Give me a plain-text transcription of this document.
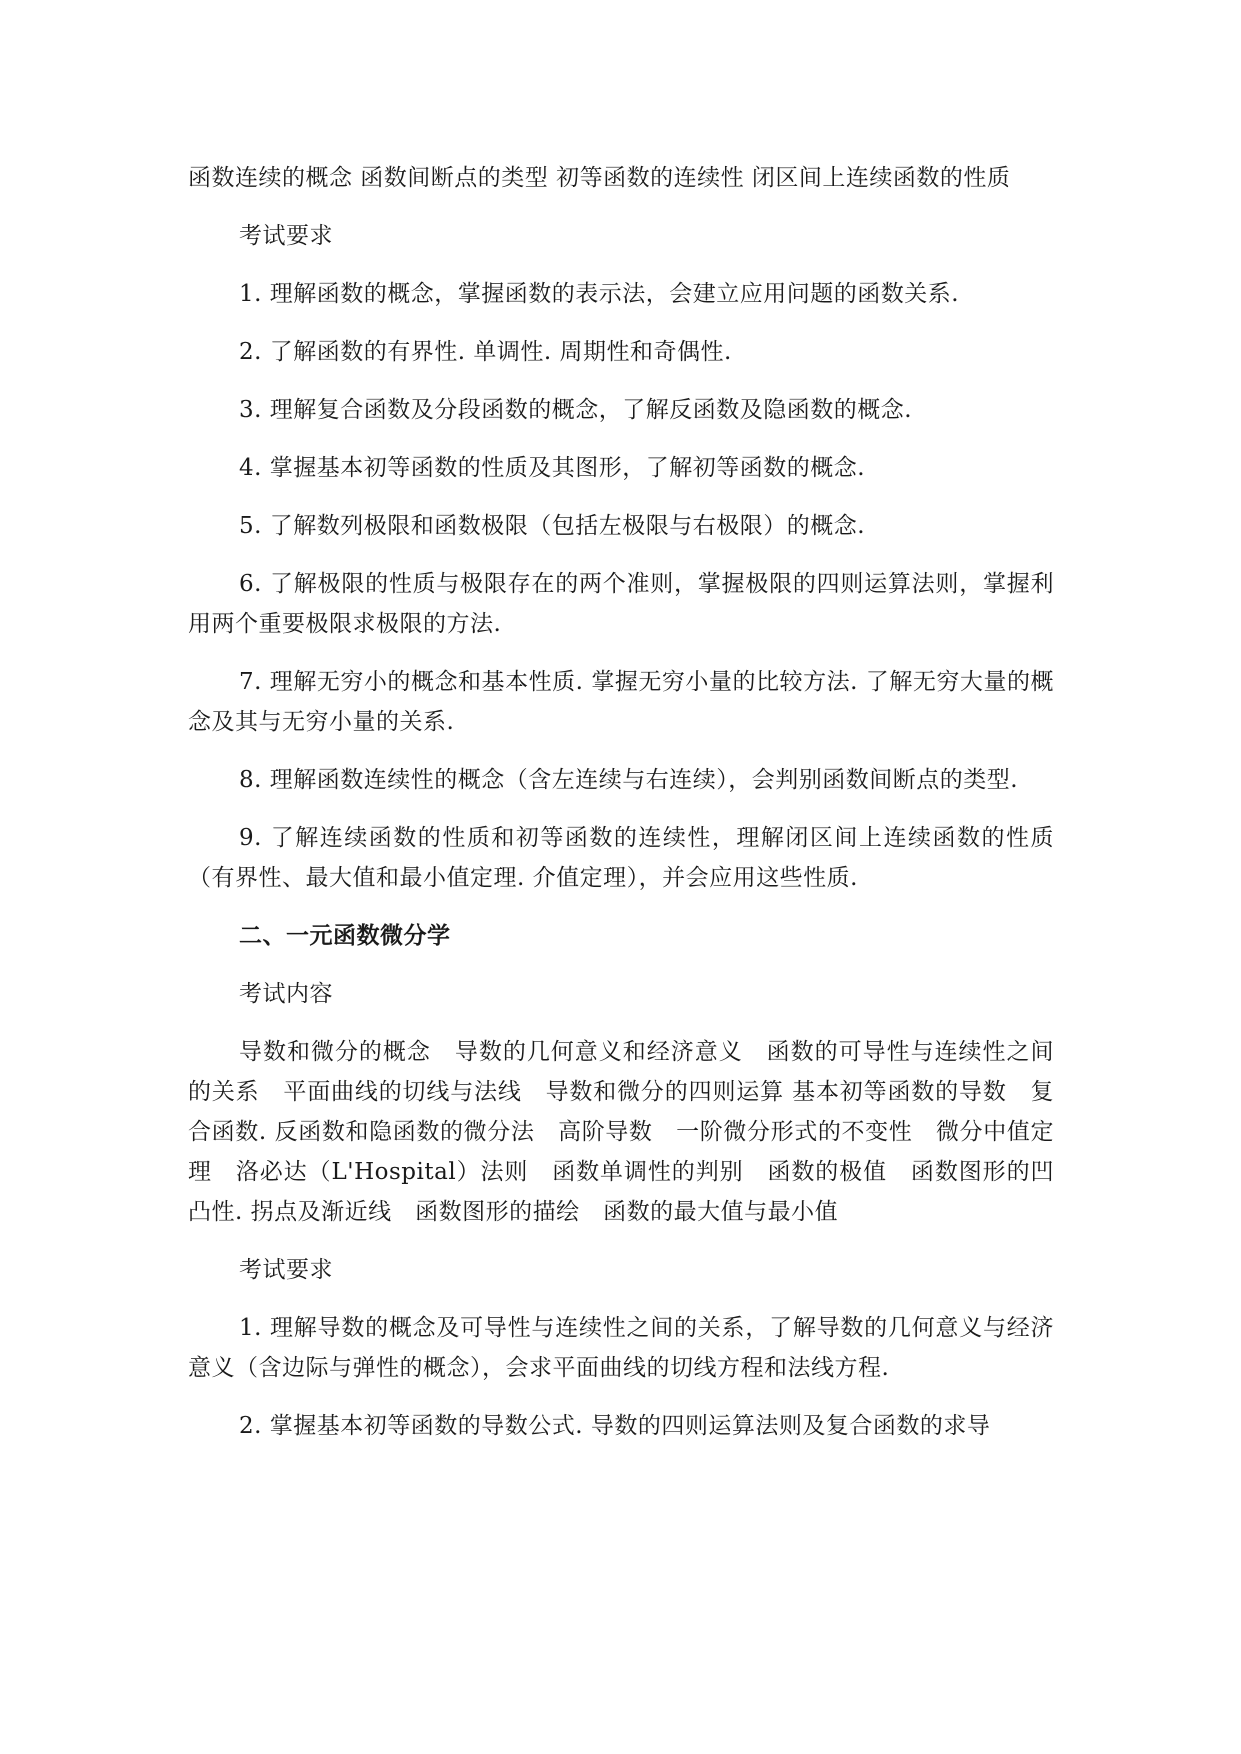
函数连续的概念 函数间断点的类型 初等函数的连续性 闭区间上连续函数的性质

考试要求

1. 理解函数的概念，掌握函数的表示法，会建立应用问题的函数关系.

2. 了解函数的有界性. 单调性. 周期性和奇偶性.

3. 理解复合函数及分段函数的概念，了解反函数及隐函数的概念.

4. 掌握基本初等函数的性质及其图形，了解初等函数的概念.

5. 了解数列极限和函数极限（包括左极限与右极限）的概念.

6. 了解极限的性质与极限存在的两个准则，掌握极限的四则运算法则，掌握利用两个重要极限求极限的方法.

7. 理解无穷小的概念和基本性质. 掌握无穷小量的比较方法. 了解无穷大量的概念及其与无穷小量的关系.

8. 理解函数连续性的概念（含左连续与右连续），会判别函数间断点的类型.

9. 了解连续函数的性质和初等函数的连续性，理解闭区间上连续函数的性质（有界性、最大值和最小值定理. 介值定理），并会应用这些性质.

二、一元函数微分学

考试内容

导数和微分的概念　导数的几何意义和经济意义　函数的可导性与连续性之间的关系　平面曲线的切线与法线　导数和微分的四则运算 基本初等函数的导数　复合函数. 反函数和隐函数的微分法　高阶导数　一阶微分形式的不变性　微分中值定理　洛必达（L'Hospital）法则　函数单调性的判别　函数的极值　函数图形的凹凸性. 拐点及渐近线　函数图形的描绘　函数的最大值与最小值

考试要求

1. 理解导数的概念及可导性与连续性之间的关系，了解导数的几何意义与经济意义（含边际与弹性的概念），会求平面曲线的切线方程和法线方程.

2. 掌握基本初等函数的导数公式. 导数的四则运算法则及复合函数的求导
